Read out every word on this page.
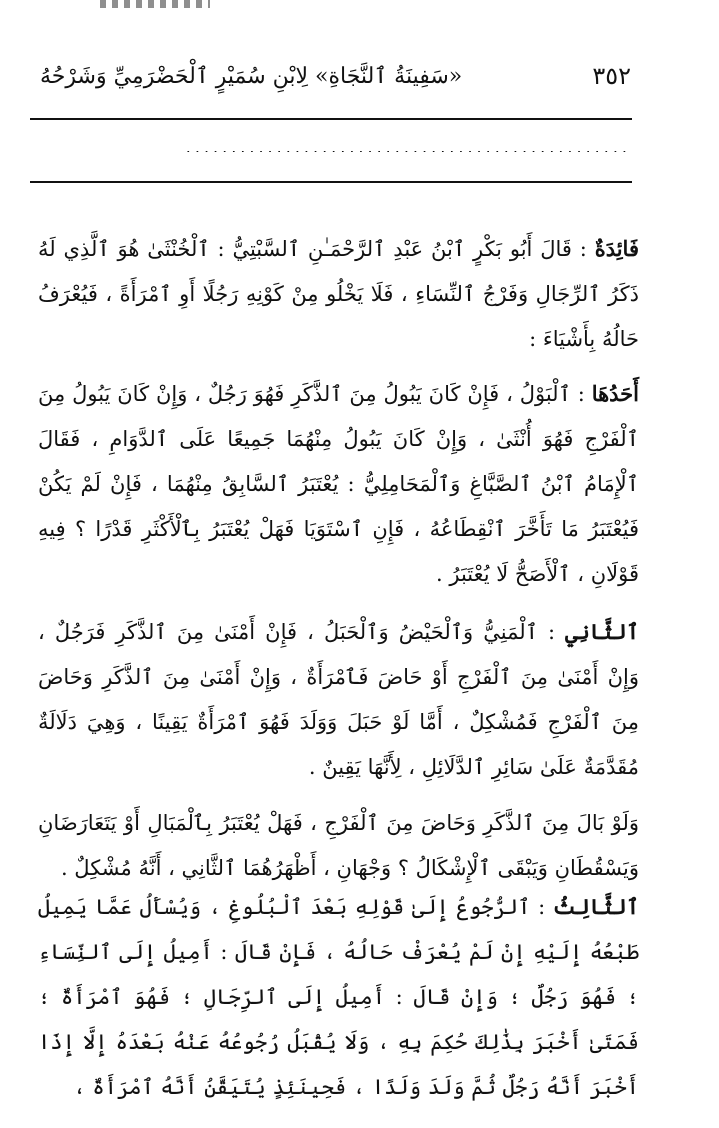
٣٥٢
«سَفِينَةُ ٱلنَّجَاةِ» لِابْنِ سُمَيْرٍ ٱلْحَضْرَمِيِّ وَشَرْحُهُ
.................................................

فَائِدَةٌ : قَالَ أَبُو بَكْرٍ ٱبْنُ عَبْدِ ٱلرَّحْمَـٰنِ ٱلسَّبْتِيُّ : ٱلْخُنْثَىٰ هُوَ ٱلَّذِي لَهُ ذَكَرُ ٱلرِّجَالِ وَفَرْجُ ٱلنِّسَاءِ ، فَلَا يَخْلُو مِنْ كَوْنِهِ رَجُلًا أَوِ ٱمْرَأَةً ، فَيُعْرَفُ حَالُهُ بِأَشْيَاءَ :

أَحَدُهَا : ٱلْبَوْلُ ، فَإِنْ كَانَ يَبُولُ مِنَ ٱلذَّكَرِ فَهُوَ رَجُلٌ ، وَإِنْ كَانَ يَبُولُ مِنَ ٱلْفَرْجِ فَهُوَ أُنْثَىٰ ، وَإِنْ كَانَ يَبُولُ مِنْهُمَا جَمِيعًا عَلَى ٱلدَّوَامِ ، فَقَالَ ٱلْإِمَامُ ٱبْنُ ٱلصَّبَّاغِ وَٱلْمَحَامِلِيُّ : يُعْتَبَرُ ٱلسَّابِقُ مِنْهُمَا ، فَإِنْ لَمْ يَكُنْ فَيُعْتَبَرُ مَا تَأَخَّرَ ٱنْقِطَاعُهُ ، فَإِنِ ٱسْتَوَيَا فَهَلْ يُعْتَبَرُ بِٱلْأَكْثَرِ قَدْرًا ؟ فِيهِ قَوْلَانِ ، ٱلْأَصَحُّ لَا يُعْتَبَرُ .

ٱلثَّانِي : ٱلْمَنِيُّ وَٱلْحَيْضُ وَٱلْحَبَلُ ، فَإِنْ أَمْنَىٰ مِنَ ٱلذَّكَرِ فَرَجُلٌ ، وَإِنْ أَمْنَىٰ مِنَ ٱلْفَرْجِ أَوْ حَاضَ فَٱمْرَأَةٌ ، وَإِنْ أَمْنَىٰ مِنَ ٱلذَّكَرِ وَحَاضَ مِنَ ٱلْفَرْجِ فَمُشْكِلٌ ، أَمَّا لَوْ حَبَلَ وَوَلَدَ فَهُوَ ٱمْرَأَةٌ يَقِينًا ، وَهِيَ دَلَالَةٌ مُقَدَّمَةٌ عَلَىٰ سَائِرِ ٱلدَّلَائِلِ ، لِأَنَّهَا يَقِينٌ .

وَلَوْ بَالَ مِنَ ٱلذَّكَرِ وَحَاضَ مِنَ ٱلْفَرْجِ ، فَهَلْ يُعْتَبَرُ بِٱلْمَبَالِ أَوْ يَتَعَارَضَانِ وَيَسْقُطَانِ وَيَبْقَى ٱلْإِشْكَالُ ؟ وَجْهَانِ ، أَظْهَرُهُمَا ٱلثَّانِي ، أَنَّهُ مُشْكِلٌ .

ٱلثَّالِثُ : ٱلرُّجُوعُ إِلَىٰ قَوْلِهِ بَعْدَ ٱلْبُلُوغِ ، وَيُسْأَلُ عَمَّا يَمِيلُ طَبْعُهُ إِلَيْهِ إِنْ لَمْ يُعْرَفْ حَالُهُ ، فَإِنْ قَالَ : أَمِيلُ إِلَى ٱلنِّسَاءِ ؛ فَهُوَ رَجُلٌ ؛ وَإِنْ قَالَ : أَمِيلُ إِلَى ٱلرِّجَالِ ؛ فَهُوَ ٱمْرَأَةٌ ؛ فَمَتَىٰ أَخْبَرَ بِذَٰلِكَ حُكِمَ بِهِ ، وَلَا يُقْبَلُ رُجُوعُهُ عَنْهُ بَعْدَهُ إِلَّا إِذَا أَخْبَرَ أَنَّهُ رَجُلٌ ثُمَّ وَلَدَ وَلَدًا ، فَحِينَئِذٍ يُتَيَقَّنُ أَنَّهُ ٱمْرَأَةٌ ،
